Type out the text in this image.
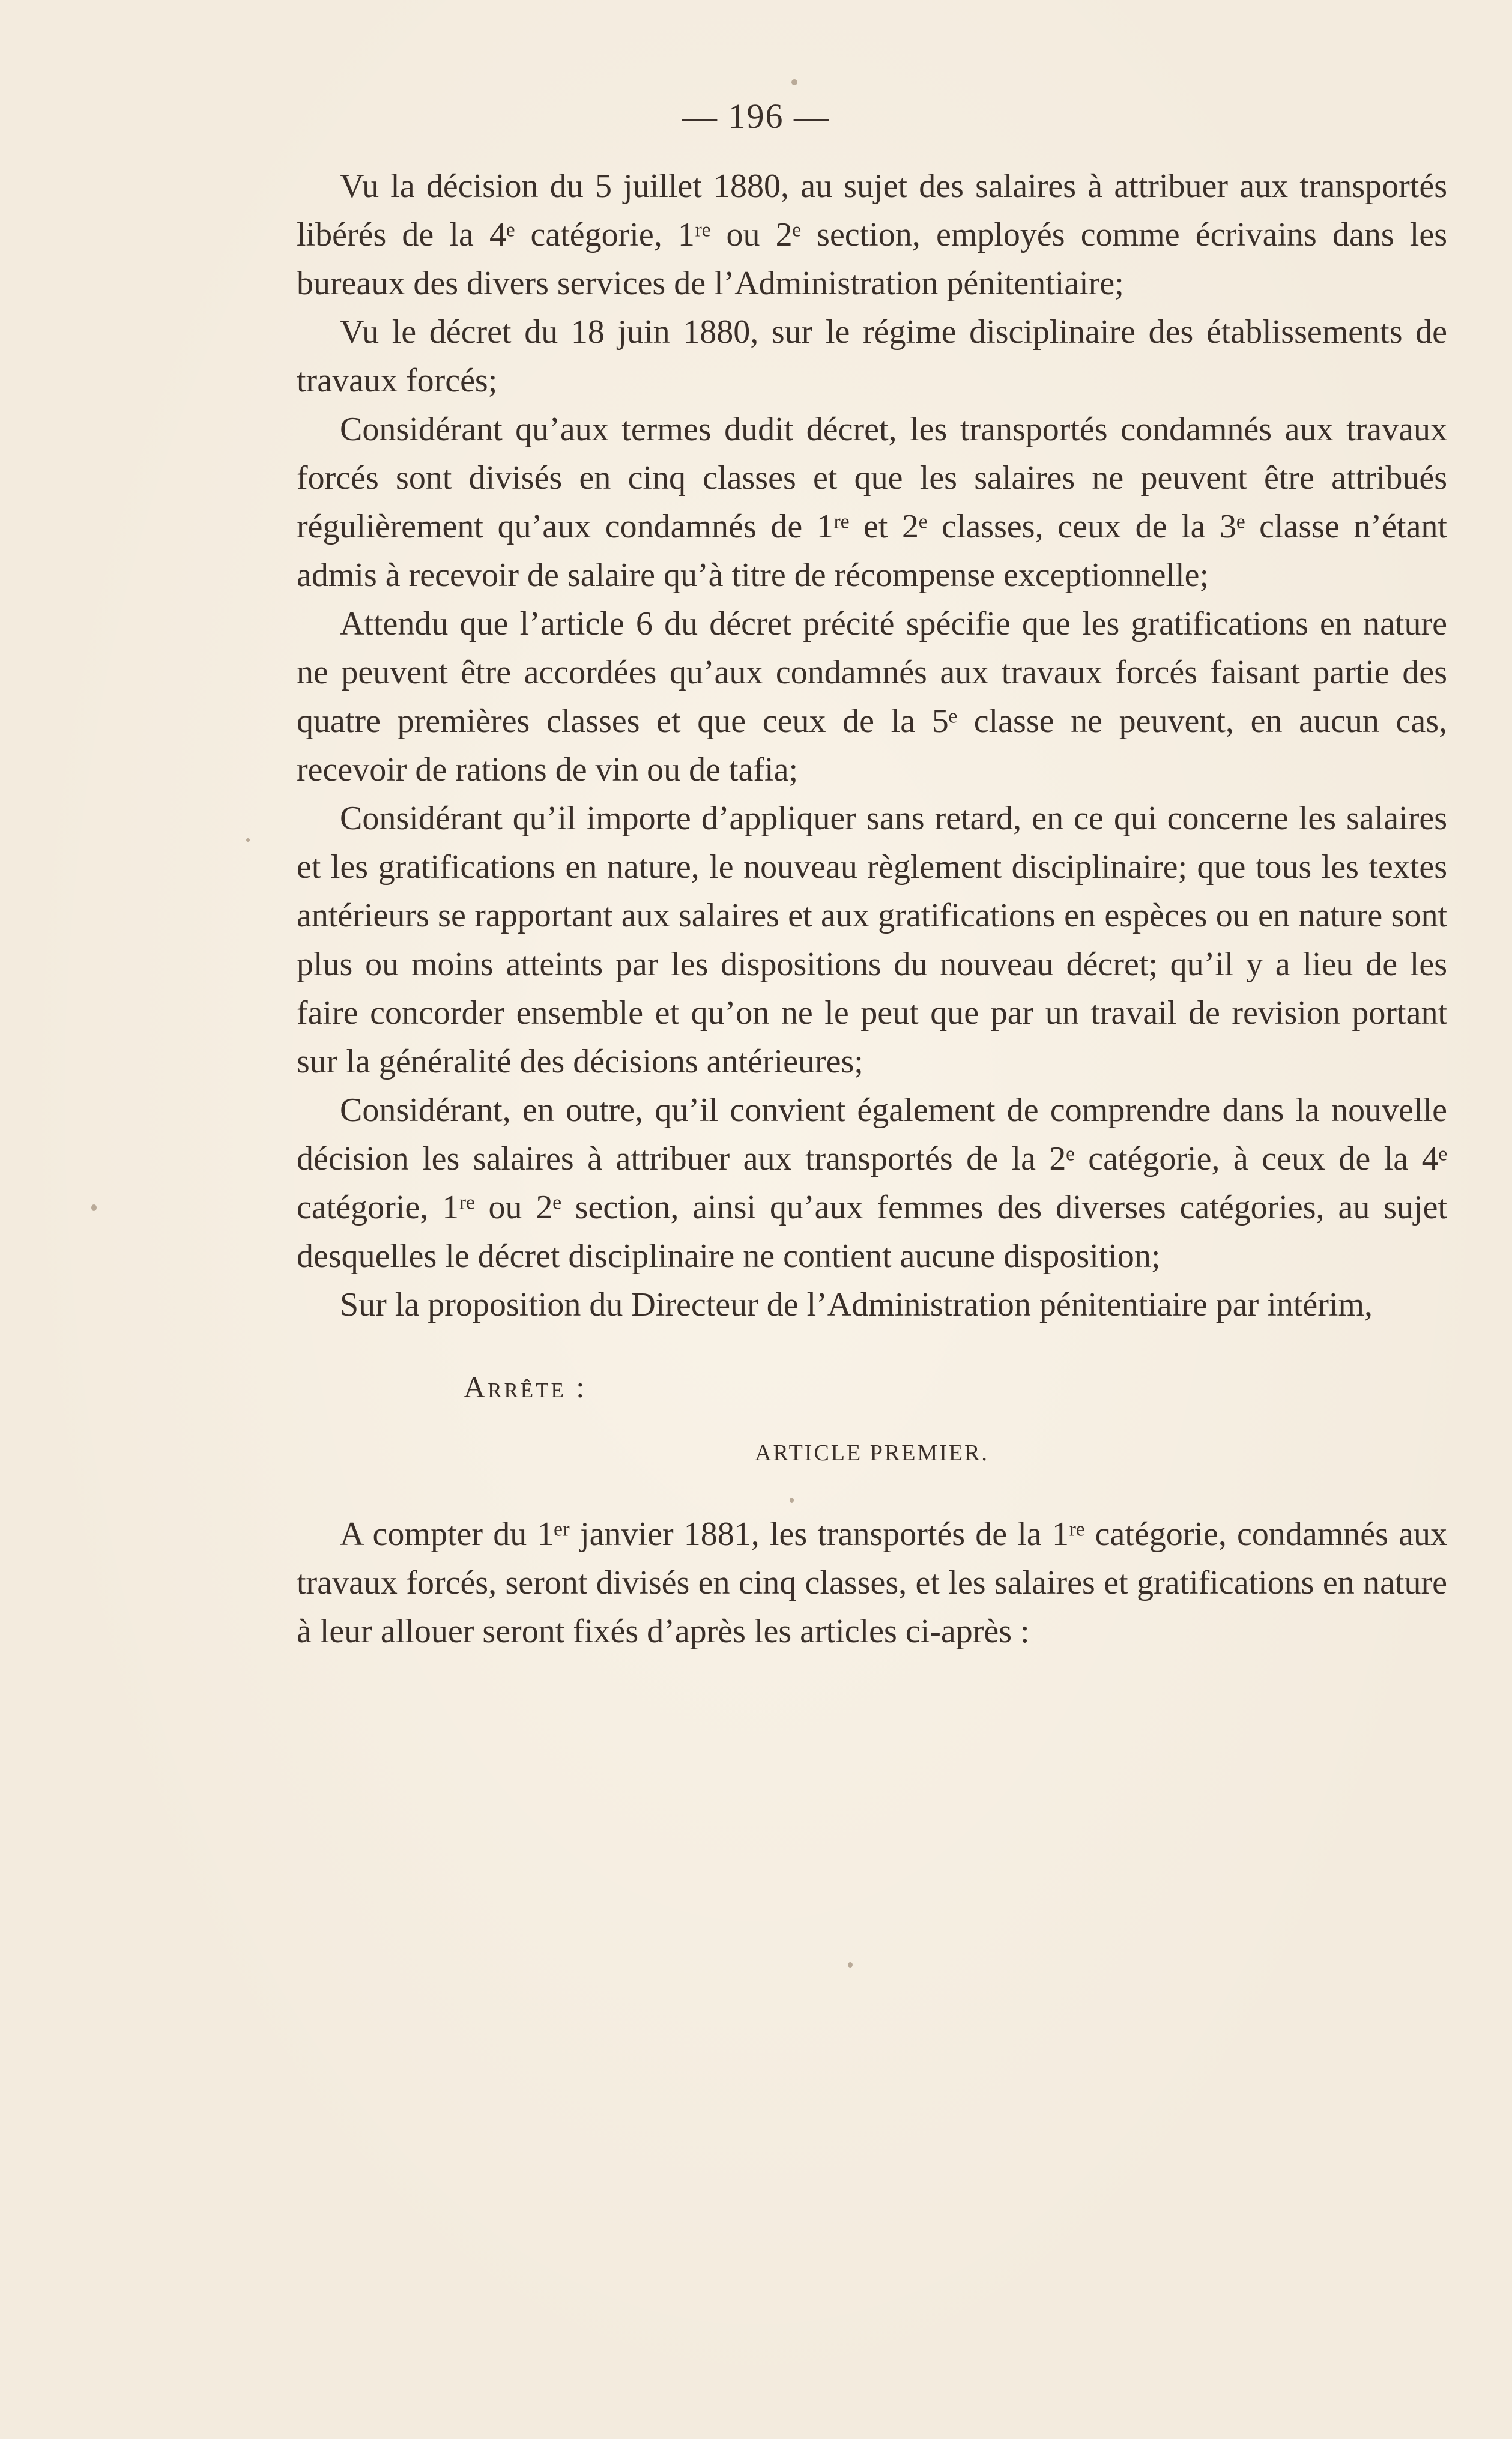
— 196 —

Vu la décision du 5 juillet 1880, au sujet des salaires à attribuer aux transportés libérés de la 4ᵉ catégorie, 1ʳᵉ ou 2ᵉ section, employés comme écrivains dans les bureaux des divers services de l’Administration pénitentiaire;

Vu le décret du 18 juin 1880, sur le régime disciplinaire des établissements de travaux forcés;

Considérant qu’aux termes dudit décret, les transportés condamnés aux travaux forcés sont divisés en cinq classes et que les salaires ne peuvent être attribués régulièrement qu’aux condamnés de 1ʳᵉ et 2ᵉ classes, ceux de la 3ᵉ classe n’étant admis à recevoir de salaire qu’à titre de récompense exceptionnelle;

Attendu que l’article 6 du décret précité spécifie que les gratifications en nature ne peuvent être accordées qu’aux condamnés aux travaux forcés faisant partie des quatre premières classes et que ceux de la 5ᵉ classe ne peuvent, en aucun cas, recevoir de rations de vin ou de tafia;

Considérant qu’il importe d’appliquer sans retard, en ce qui concerne les salaires et les gratifications en nature, le nouveau règlement disciplinaire; que tous les textes antérieurs se rapportant aux salaires et aux gratifications en espèces ou en nature sont plus ou moins atteints par les dispositions du nouveau décret; qu’il y a lieu de les faire concorder ensemble et qu’on ne le peut que par un travail de revision portant sur la généralité des décisions antérieures;

Considérant, en outre, qu’il convient également de comprendre dans la nouvelle décision les salaires à attribuer aux transportés de la 2ᵉ catégorie, à ceux de la 4ᵉ catégorie, 1ʳᵉ ou 2ᵉ section, ainsi qu’aux femmes des diverses catégories, au sujet desquelles le décret disciplinaire ne contient aucune disposition;

Sur la proposition du Directeur de l’Administration pénitentiaire par intérim,

Arrête :

ARTICLE PREMIER.

A compter du 1ᵉʳ janvier 1881, les transportés de la 1ʳᵉ catégorie, condamnés aux travaux forcés, seront divisés en cinq classes, et les salaires et gratifications en nature à leur allouer seront fixés d’après les articles ci-après :
